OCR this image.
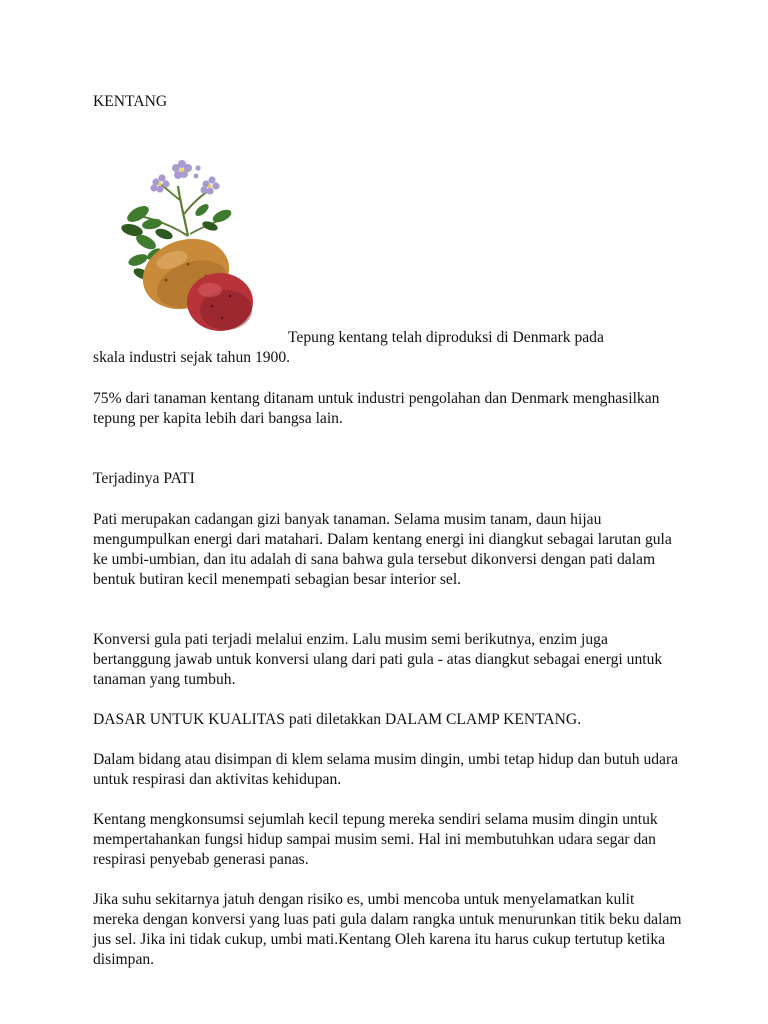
KENTANG
Tepung kentang telah diproduksi di Denmark pada
skala industri sejak tahun 1900.

75% dari tanaman kentang ditanam untuk industri pengolahan dan Denmark menghasilkan tepung per kapita lebih dari bangsa lain.

Terjadinya PATI

Pati merupakan cadangan gizi banyak tanaman. Selama musim tanam, daun hijau mengumpulkan energi dari matahari. Dalam kentang energi ini diangkut sebagai larutan gula ke umbi-umbian, dan itu adalah di sana bahwa gula tersebut dikonversi dengan pati dalam bentuk butiran kecil menempati sebagian besar interior sel.

Konversi gula pati terjadi melalui enzim. Lalu musim semi berikutnya, enzim juga bertanggung jawab untuk konversi ulang dari pati gula - atas diangkut sebagai energi untuk tanaman yang tumbuh.

DASAR UNTUK KUALITAS pati diletakkan DALAM CLAMP KENTANG.

Dalam bidang atau disimpan di klem selama musim dingin, umbi tetap hidup dan butuh udara untuk respirasi dan aktivitas kehidupan.

Kentang mengkonsumsi sejumlah kecil tepung mereka sendiri selama musim dingin untuk mempertahankan fungsi hidup sampai musim semi. Hal ini membutuhkan udara segar dan respirasi penyebab generasi panas.

Jika suhu sekitarnya jatuh dengan risiko es, umbi mencoba untuk menyelamatkan kulit mereka dengan konversi yang luas pati gula dalam rangka untuk menurunkan titik beku dalam jus sel. Jika ini tidak cukup, umbi mati.Kentang Oleh karena itu harus cukup tertutup ketika disimpan.
